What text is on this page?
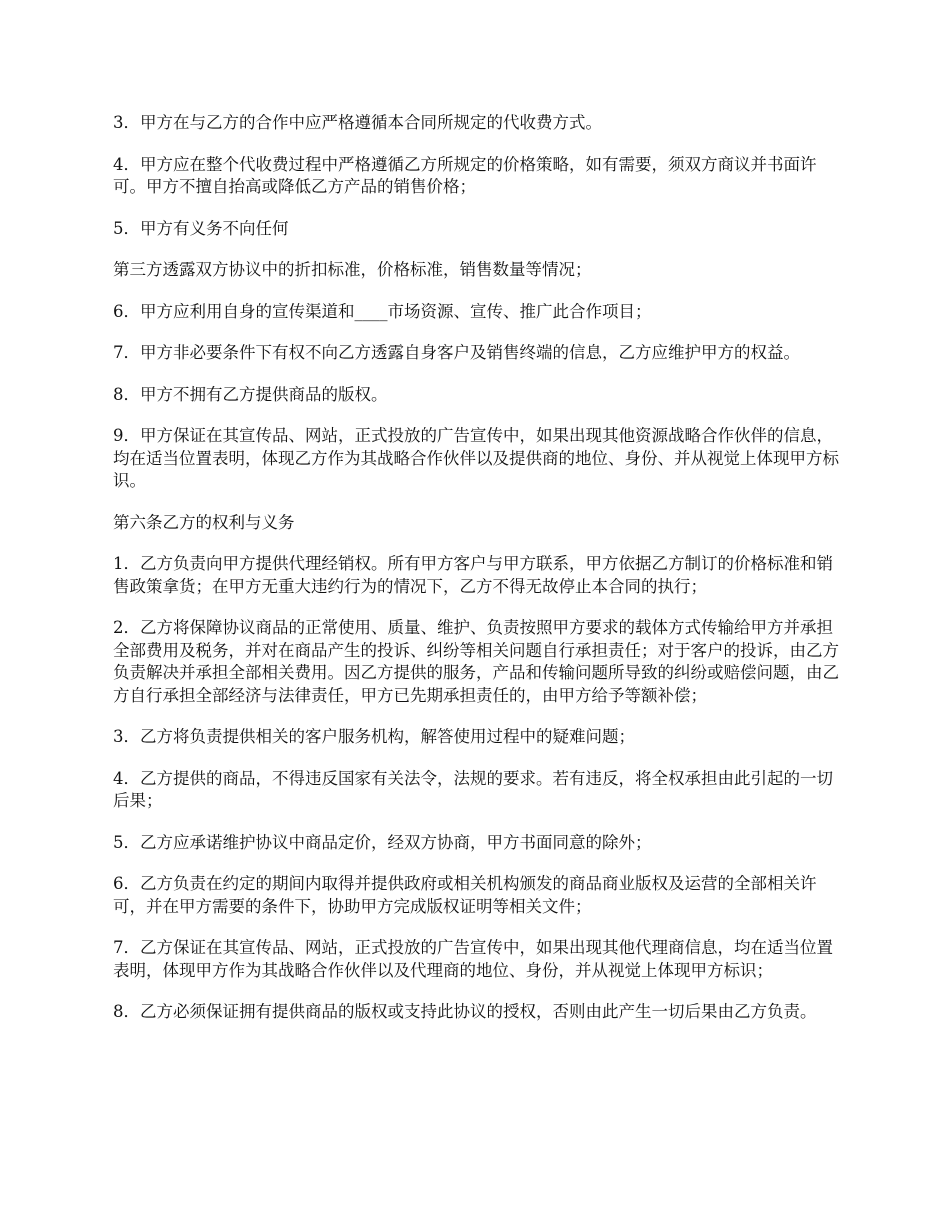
3．甲方在与乙方的合作中应严格遵循本合同所规定的代收费方式。

4．甲方应在整个代收费过程中严格遵循乙方所规定的价格策略，如有需要，须双方商议并书面许可。甲方不擅自抬高或降低乙方产品的销售价格；

5．甲方有义务不向任何

第三方透露双方协议中的折扣标准，价格标准，销售数量等情况；

6．甲方应利用自身的宣传渠道和____市场资源、宣传、推广此合作项目；

7．甲方非必要条件下有权不向乙方透露自身客户及销售终端的信息，乙方应维护甲方的权益。

8．甲方不拥有乙方提供商品的版权。

9．甲方保证在其宣传品、网站，正式投放的广告宣传中，如果出现其他资源战略合作伙伴的信息，均在适当位置表明，体现乙方作为其战略合作伙伴以及提供商的地位、身份、并从视觉上体现甲方标识。

第六条乙方的权利与义务

1．乙方负责向甲方提供代理经销权。所有甲方客户与甲方联系，甲方依据乙方制订的价格标准和销售政策拿货；在甲方无重大违约行为的情况下，乙方不得无故停止本合同的执行；

2．乙方将保障协议商品的正常使用、质量、维护、负责按照甲方要求的载体方式传输给甲方并承担全部费用及税务，并对在商品产生的投诉、纠纷等相关问题自行承担责任；对于客户的投诉，由乙方负责解决并承担全部相关费用。因乙方提供的服务，产品和传输问题所导致的纠纷或赔偿问题，由乙方自行承担全部经济与法律责任，甲方已先期承担责任的，由甲方给予等额补偿；

3．乙方将负责提供相关的客户服务机构，解答使用过程中的疑难问题；

4．乙方提供的商品，不得违反国家有关法令，法规的要求。若有违反，将全权承担由此引起的一切后果；

5．乙方应承诺维护协议中商品定价，经双方协商，甲方书面同意的除外；

6．乙方负责在约定的期间内取得并提供政府或相关机构颁发的商品商业版权及运营的全部相关许可，并在甲方需要的条件下，协助甲方完成版权证明等相关文件；

7．乙方保证在其宣传品、网站，正式投放的广告宣传中，如果出现其他代理商信息，均在适当位置表明，体现甲方作为其战略合作伙伴以及代理商的地位、身份，并从视觉上体现甲方标识；

8．乙方必须保证拥有提供商品的版权或支持此协议的授权，否则由此产生一切后果由乙方负责。
